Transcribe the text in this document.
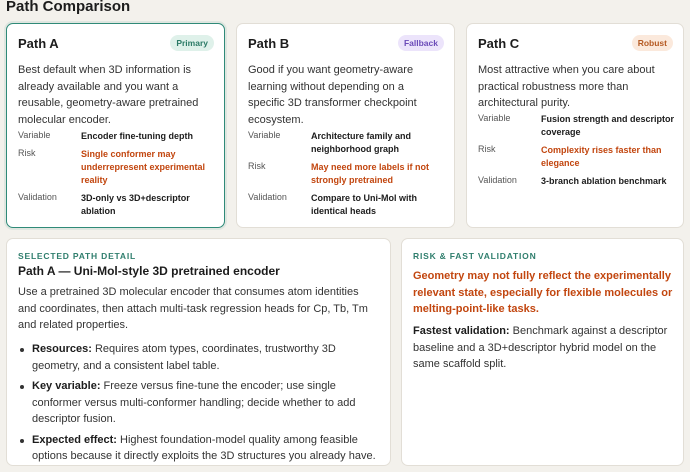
Path Comparison
Path A	Primary
Best default when 3D information is already available and you want a reusable, geometry-aware pretrained molecular encoder.
Variable	Encoder fine-tuning depth
Risk	Single conformer may underrepresent experimental reality
Validation	3D-only vs 3D+descriptor ablation
Path B	Fallback
Good if you want geometry-aware learning without depending on a specific 3D transformer checkpoint ecosystem.
Variable	Architecture family and neighborhood graph
Risk	May need more labels if not strongly pretrained
Validation	Compare to Uni-Mol with identical heads
Path C	Robust
Most attractive when you care about practical robustness more than architectural purity.
Variable	Fusion strength and descriptor coverage
Risk	Complexity rises faster than elegance
Validation	3-branch ablation benchmark
SELECTED PATH DETAIL
Path A — Uni-Mol-style 3D pretrained encoder
Use a pretrained 3D molecular encoder that consumes atom identities and coordinates, then attach multi-task regression heads for Cp, Tb, Tm and related properties.
Resources: Requires atom types, coordinates, trustworthy 3D geometry, and a consistent label table.
Key variable: Freeze versus fine-tune the encoder; use single conformer versus multi-conformer handling; decide whether to add descriptor fusion.
Expected effect: Highest foundation-model quality among feasible options because it directly exploits the 3D structures you already have.
RISK & FAST VALIDATION
Geometry may not fully reflect the experimentally relevant state, especially for flexible molecules or melting-point-like tasks.
Fastest validation: Benchmark against a descriptor baseline and a 3D+descriptor hybrid model on the same scaffold split.
